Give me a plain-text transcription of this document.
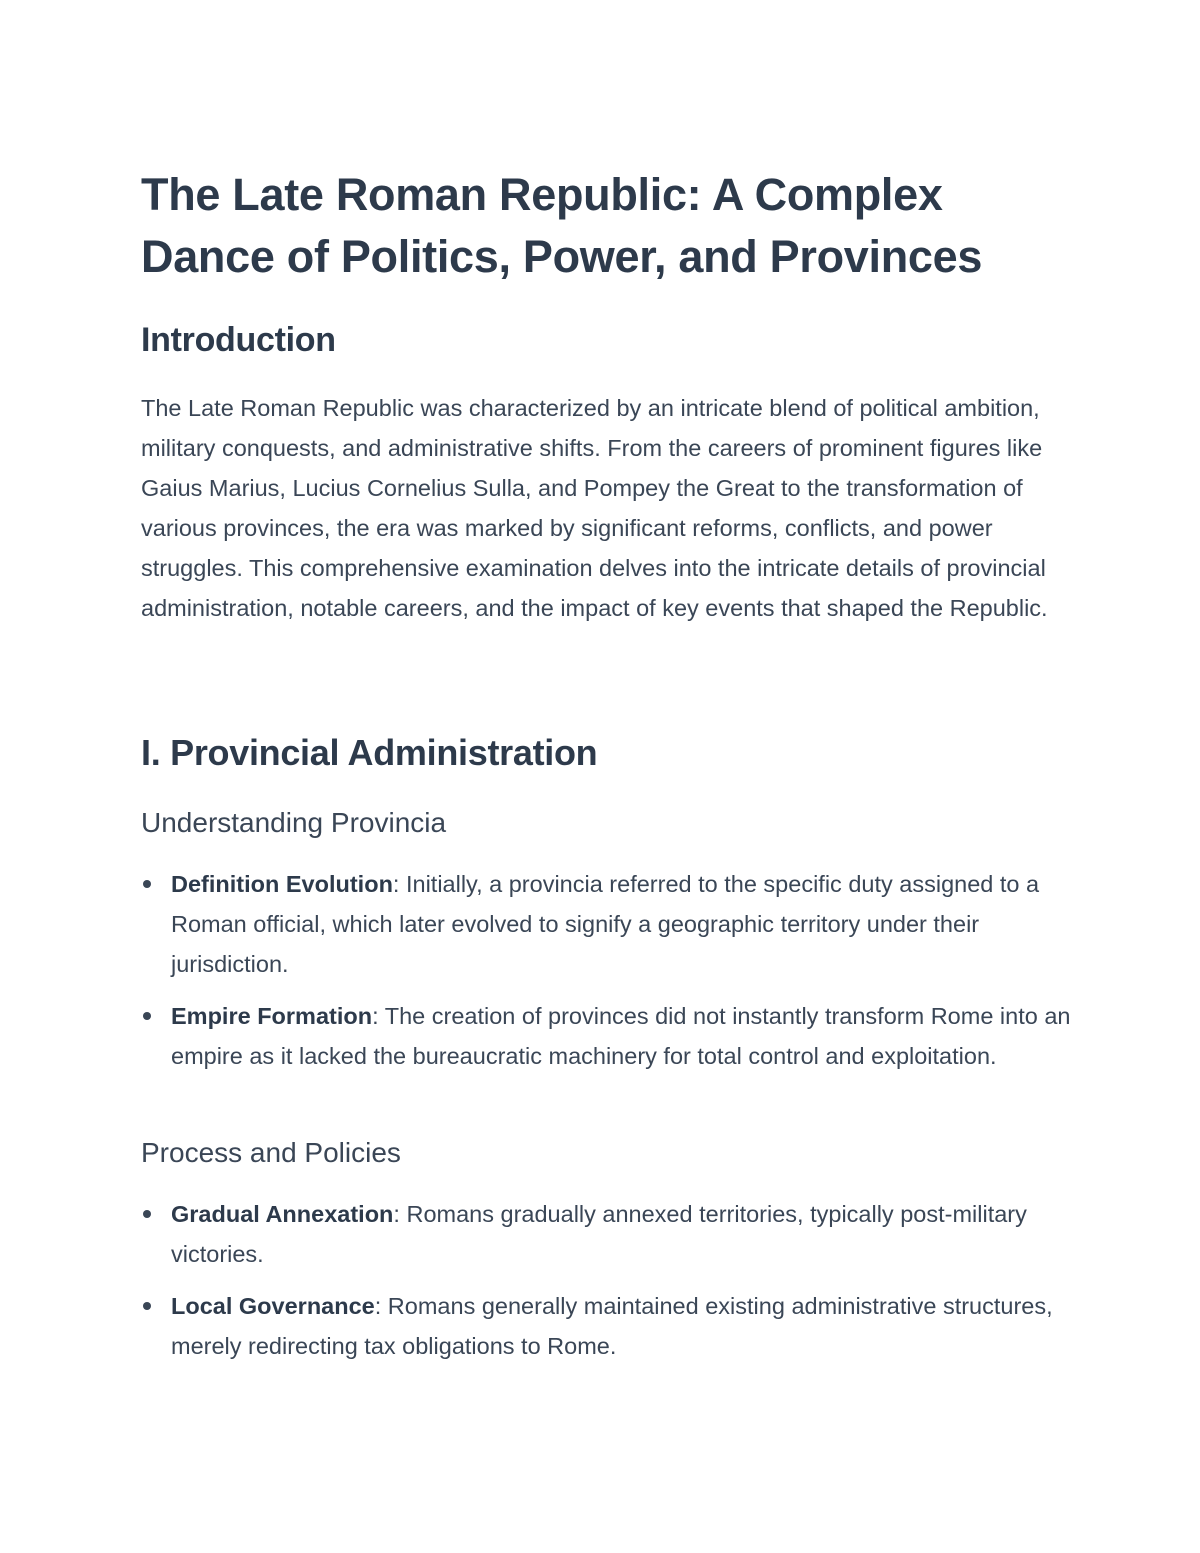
The Late Roman Republic: A Complex
Dance of Politics, Power, and Provinces
Introduction

The Late Roman Republic was characterized by an intricate blend of political ambition, military conquests, and administrative shifts. From the careers of prominent figures like Gaius Marius, Lucius Cornelius Sulla, and Pompey the Great to the transformation of various provinces, the era was marked by significant reforms, conflicts, and power struggles. This comprehensive examination delves into the intricate details of provincial administration, notable careers, and the impact of key events that shaped the Republic.

I. Provincial Administration
Understanding Provincia
Definition Evolution: Initially, a provincia referred to the specific duty assigned to a Roman official, which later evolved to signify a geographic territory under their jurisdiction.
Empire Formation: The creation of provinces did not instantly transform Rome into an empire as it lacked the bureaucratic machinery for total control and exploitation.
Process and Policies
Gradual Annexation: Romans gradually annexed territories, typically post-military victories.
Local Governance: Romans generally maintained existing administrative structures, merely redirecting tax obligations to Rome.
